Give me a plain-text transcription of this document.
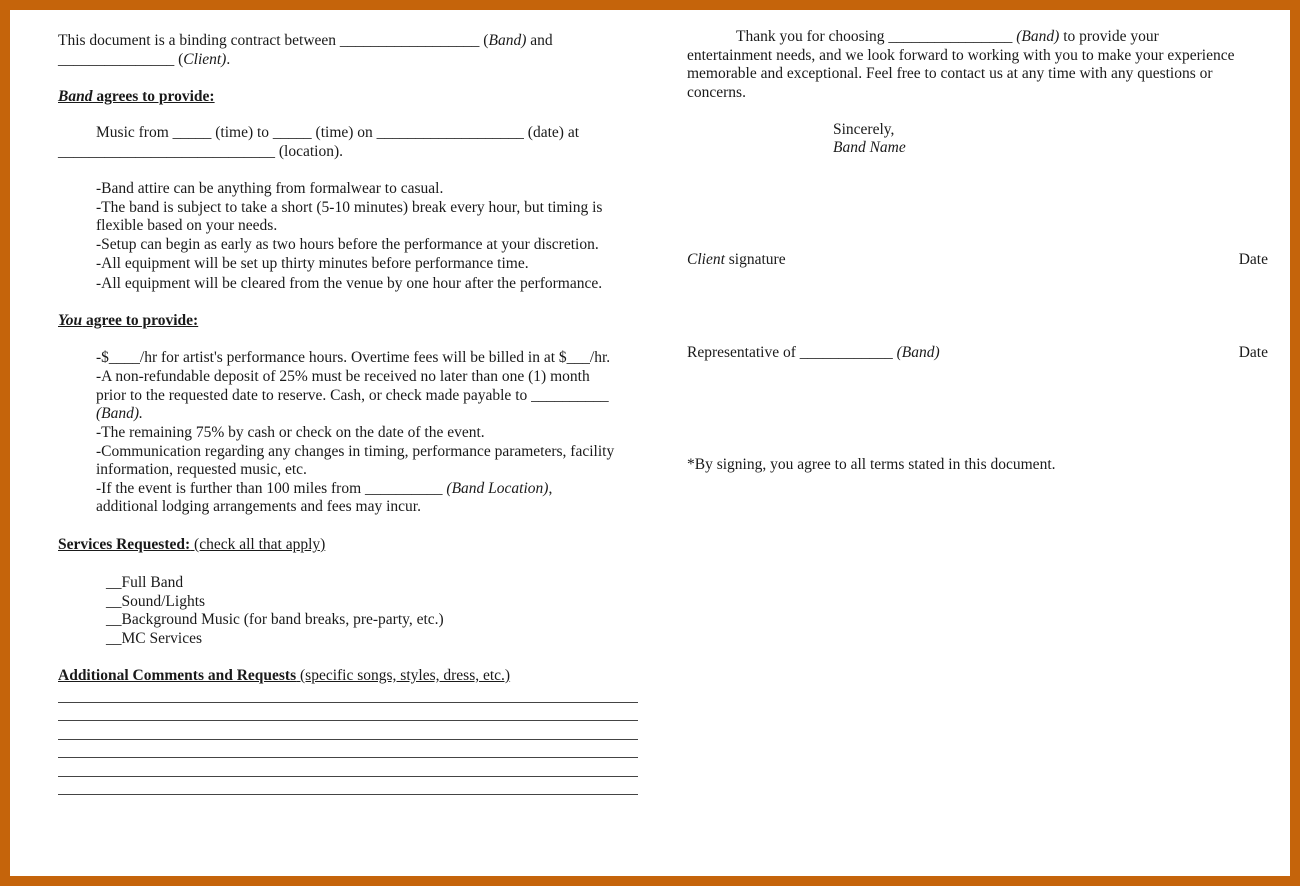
This document is a binding contract between __________________ (Band) and
_______________ (Client).
Band agrees to provide:
Music from _____ (time) to _____ (time) on ___________________ (date) at
____________________________ (location).
-Band attire can be anything from formalwear to casual.
-The band is subject to take a short (5-10 minutes) break every hour, but timing is
flexible based on your needs.
-Setup can begin as early as two hours before the performance at your discretion.
-All equipment will be set up thirty minutes before performance time.
-All equipment will be cleared from the venue by one hour after the performance.
You agree to provide:
-$____/hr for artist's performance hours. Overtime fees will be billed in at $___/hr.
-A non-refundable deposit of 25% must be received no later than one (1) month
prior to the requested date to reserve. Cash, or check made payable to __________
(Band).
-The remaining 75% by cash or check on the date of the event.
-Communication regarding any changes in timing, performance parameters, facility
information, requested music, etc.
-If the event is further than 100 miles from __________ (Band Location),
additional lodging arrangements and fees may incur.
Services Requested: (check all that apply)
__Full Band
__Sound/Lights
__Background Music (for band breaks, pre-party, etc.)
__MC Services
Additional Comments and Requests (specific songs, styles, dress, etc.)
Thank you for choosing ________________ (Band) to provide your
entertainment needs, and we look forward to working with you to make your experience
memorable and exceptional. Feel free to contact us at any time with any questions or
concerns.
Sincerely,
Band Name
Client signature	Date
Representative of ____________ (Band)	Date
*By signing, you agree to all terms stated in this document.
